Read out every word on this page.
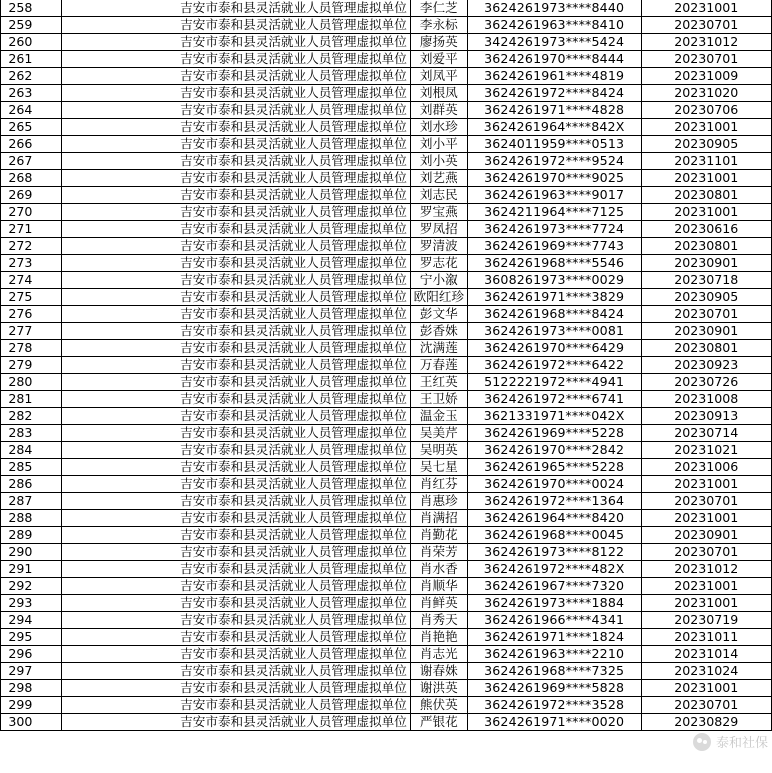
258	吉安市泰和县灵活就业人员管理虚拟单位	李仁芝	3624261973****8440	20231001
259	吉安市泰和县灵活就业人员管理虚拟单位	李永标	3624261963****8410	20230701
260	吉安市泰和县灵活就业人员管理虚拟单位	廖扬英	3424261973****5424	20231012
261	吉安市泰和县灵活就业人员管理虚拟单位	刘爱平	3624261970****8444	20230701
262	吉安市泰和县灵活就业人员管理虚拟单位	刘凤平	3624261961****4819	20231009
263	吉安市泰和县灵活就业人员管理虚拟单位	刘根凤	3624261972****8424	20231020
264	吉安市泰和县灵活就业人员管理虚拟单位	刘群英	3624261971****4828	20230706
265	吉安市泰和县灵活就业人员管理虚拟单位	刘水珍	3624261964****842X	20231001
266	吉安市泰和县灵活就业人员管理虚拟单位	刘小平	3624011959****0513	20230905
267	吉安市泰和县灵活就业人员管理虚拟单位	刘小英	3624261972****9524	20231101
268	吉安市泰和县灵活就业人员管理虚拟单位	刘艺燕	3624261970****9025	20231001
269	吉安市泰和县灵活就业人员管理虚拟单位	刘志民	3624261963****9017	20230801
270	吉安市泰和县灵活就业人员管理虚拟单位	罗宝燕	3624211964****7125	20231001
271	吉安市泰和县灵活就业人员管理虚拟单位	罗凤招	3624261973****7724	20230616
272	吉安市泰和县灵活就业人员管理虚拟单位	罗清波	3624261969****7743	20230801
273	吉安市泰和县灵活就业人员管理虚拟单位	罗志花	3624261968****5546	20230901
274	吉安市泰和县灵活就业人员管理虚拟单位	宁小溆	3608261973****0029	20230718
275	吉安市泰和县灵活就业人员管理虚拟单位	欧阳红珍	3624261971****3829	20230905
276	吉安市泰和县灵活就业人员管理虚拟单位	彭文华	3624261968****8424	20230701
277	吉安市泰和县灵活就业人员管理虚拟单位	彭香姝	3624261973****0081	20230901
278	吉安市泰和县灵活就业人员管理虚拟单位	沈满莲	3624261970****6429	20230801
279	吉安市泰和县灵活就业人员管理虚拟单位	万春莲	3624261972****6422	20230923
280	吉安市泰和县灵活就业人员管理虚拟单位	王红英	5122221972****4941	20230726
281	吉安市泰和县灵活就业人员管理虚拟单位	王卫娇	3624261972****6741	20231008
282	吉安市泰和县灵活就业人员管理虚拟单位	温金玉	3621331971****042X	20230913
283	吉安市泰和县灵活就业人员管理虚拟单位	吴美芹	3624261969****5228	20230714
284	吉安市泰和县灵活就业人员管理虚拟单位	吴明英	3624261970****2842	20231021
285	吉安市泰和县灵活就业人员管理虚拟单位	吴七星	3624261965****5228	20231006
286	吉安市泰和县灵活就业人员管理虚拟单位	肖红芬	3624261970****0024	20231001
287	吉安市泰和县灵活就业人员管理虚拟单位	肖惠珍	3624261972****1364	20230701
288	吉安市泰和县灵活就业人员管理虚拟单位	肖满招	3624261964****8420	20231001
289	吉安市泰和县灵活就业人员管理虚拟单位	肖勤花	3624261968****0045	20230901
290	吉安市泰和县灵活就业人员管理虚拟单位	肖荣芳	3624261973****8122	20230701
291	吉安市泰和县灵活就业人员管理虚拟单位	肖水香	3624261972****482X	20231012
292	吉安市泰和县灵活就业人员管理虚拟单位	肖顺华	3624261967****7320	20231001
293	吉安市泰和县灵活就业人员管理虚拟单位	肖鲜英	3624261973****1884	20231001
294	吉安市泰和县灵活就业人员管理虚拟单位	肖秀天	3624261966****4341	20230719
295	吉安市泰和县灵活就业人员管理虚拟单位	肖艳艳	3624261971****1824	20231011
296	吉安市泰和县灵活就业人员管理虚拟单位	肖志光	3624261963****2210	20231014
297	吉安市泰和县灵活就业人员管理虚拟单位	谢春姝	3624261968****7325	20231024
298	吉安市泰和县灵活就业人员管理虚拟单位	谢洪英	3624261969****5828	20231001
299	吉安市泰和县灵活就业人员管理虚拟单位	熊伏英	3624261972****3528	20230701
300	吉安市泰和县灵活就业人员管理虚拟单位	严银花	3624261971****0020	20230829
泰和社保
